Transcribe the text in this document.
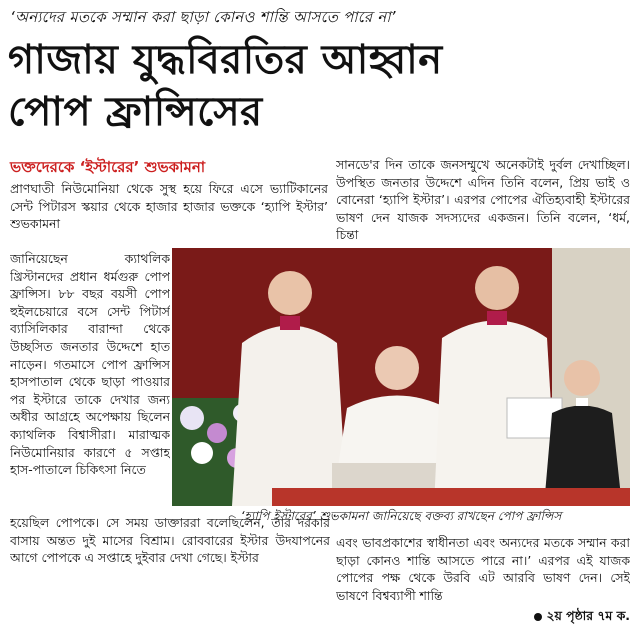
‘অন্যদের মতকে সম্মান করা ছাড়া কোনও শান্তি আসতে পারে না’
গাজায় যুদ্ধবিরতির আহ্বান
পোপ ফ্রান্সিসের
ভক্তদেরকে ‘ইস্টারের’ শুভকামনা
প্রাণঘাতী নিউমোনিয়া থেকে সুস্থ হয়ে ফিরে এসে ভ্যাটিকানের সেন্ট পিটারস স্কয়ার থেকে হাজার হাজার ভক্তকে ‘হ্যাপি ইস্টার’ শুভকামনা
জানিয়েছেন ক্যাথলিক খ্রিস্টানদের প্রধান ধর্মগুরু পোপ ফ্রান্সিস। ৮৮ বছর বয়সী পোপ হুইলচেয়ারে বসে সেন্ট পিটার্স ব্যাসিলিকার বারান্দা থেকে উচ্ছসিত জনতার উদ্দেশে হাত নাড়েন। গতমাসে পোপ ফ্রান্সিস হাসপাতাল থেকে ছাড়া পাওয়ার পর ইস্টারে তাকে দেখার জন্য অধীর আগ্রহে অপেক্ষায় ছিলেন ক্যাথলিক বিশ্বাসীরা। মারাত্মক নিউমোনিয়ার কারণে ৫ সপ্তাহ হাস-পাতালে চিকিৎসা নিতে
হয়েছিল পোপকে। সে সময় ডাক্তাররা বলেছিলেন, তার দরকার বাসায় অন্তত দুই মাসের বিশ্রাম। রোববারের ইস্টার উদযাপনের আগে পোপকে এ সপ্তাহে দুইবার দেখা গেছে। ইস্টার
সানডে'র দিন তাকে জনসম্মুখে অনেকটাই দুর্বল দেখাচ্ছিল। উপস্থিত জনতার উদ্দেশে এদিন তিনি বলেন, প্রিয় ভাই ও বোনেরা ‘হ্যাপি ইস্টার’। এরপর পোপের ঐতিহ্যবাহী ইস্টারের ভাষণ দেন যাজক সদস্যদের একজন। তিনি বলেন, ‘ধর্ম, চিন্তা
এবং ভাবপ্রকাশের স্বাধীনতা এবং অন্যদের মতকে সম্মান করা ছাড়া কোনও শান্তি আসতে পারে না।’ এরপর এই যাজক পোপের পক্ষ থেকে উরবি এট আরবি ভাষণ দেন। সেই ভাষণে বিশ্বব্যাপী শান্তি
‘হ্যাপি ইস্টারের’ শুভকামনা জানিয়েছে বক্তব্য রাখছেন পোপ ফ্রান্সিস
২য় পৃষ্ঠার ৭ম ক.
